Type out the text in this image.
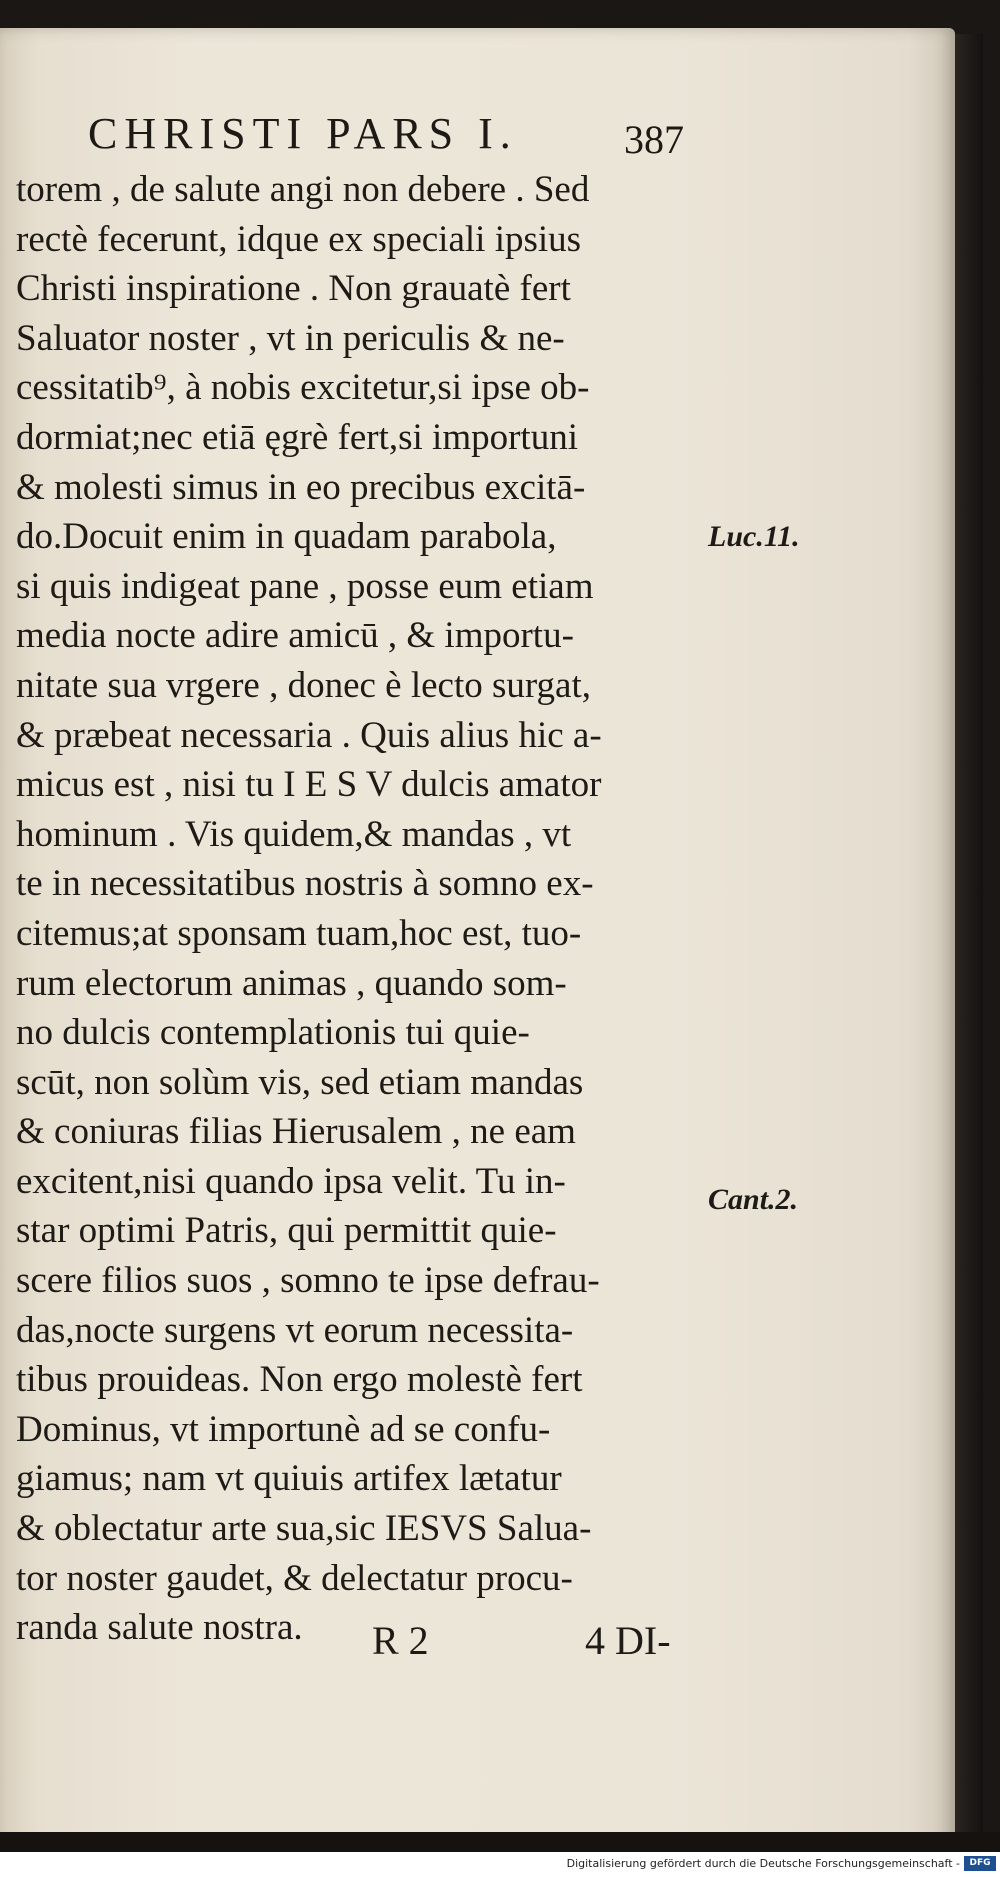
CHRISTI PARS I.	387
torem , de salute angi non debere . Sed
rectè fecerunt, idque ex speciali ipsius
Christi inspiratione . Non grauatè fert
Saluator noster , vt in periculis & ne-
cessitatib⁹, à nobis excitetur,si ipse ob-
dormiat;nec etiā ęgrè fert,si importuni
& molesti simus in eo precibus excitā-
do.Docuit enim in quadam parabola,
si quis indigeat pane , posse eum etiam
media nocte adire amicū , & importu-
nitate sua vrgere , donec è lecto surgat,
& præbeat necessaria . Quis alius hic a-
micus est , nisi tu I E S V dulcis amator
hominum . Vis quidem,& mandas , vt
te in necessitatibus nostris à somno ex-
citemus;at sponsam tuam,hoc est, tuo-
rum electorum animas , quando som-
no dulcis contemplationis tui quie-
scūt, non solùm vis, sed etiam mandas
& coniuras filias Hierusalem , ne eam
excitent,nisi quando ipsa velit. Tu in-
star optimi Patris, qui permittit quie-
scere filios suos , somno te ipse defrau-
das,nocte surgens vt eorum necessita-
tibus prouideas. Non ergo molestè fert
Dominus, vt importunè ad se confu-
giamus; nam vt quiuis artifex lætatur
& oblectatur arte sua,sic IESVS Salua-
tor noster gaudet, & delectatur procu-
randa salute nostra.
Luc.11.
Cant.2.
R 2	4 DI-
Digitalisierung gefördert durch die Deutsche Forschungsgemeinschaft -	DFG
